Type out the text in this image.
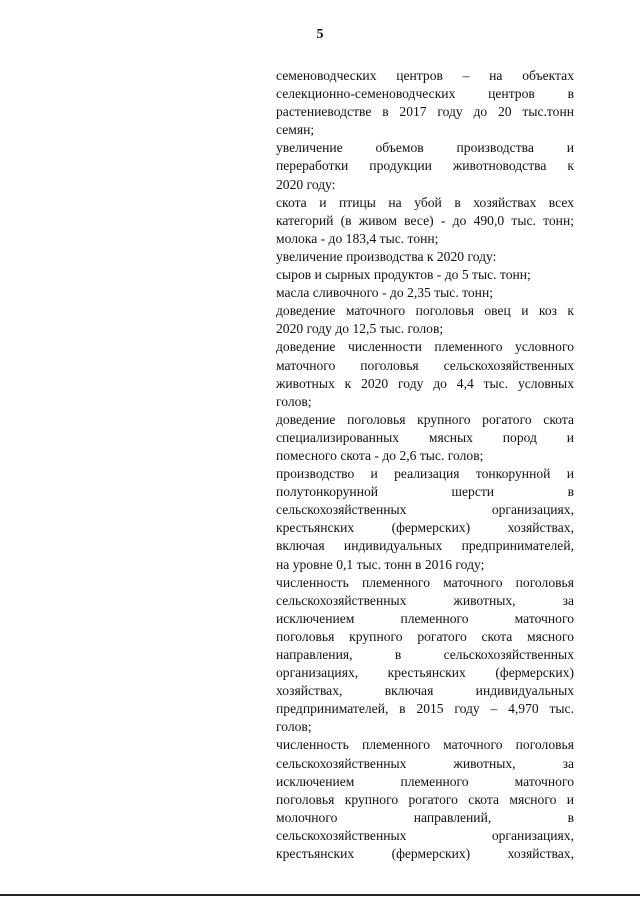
5
семеноводческих центров – на объектах
селекционно-семеноводческих центров в
растениеводстве в 2017 году до 20 тыс.тонн
семян;
увеличение объемов производства и
переработки продукции животноводства к
2020 году:
скота и птицы на убой в хозяйствах всех
категорий (в живом весе) - до 490,0 тыс. тонн;
молока - до 183,4 тыс. тонн;
увеличение производства к 2020 году:
сыров и сырных продуктов - до 5 тыс. тонн;
масла сливочного - до 2,35 тыс. тонн;
доведение маточного поголовья овец и коз к
2020 году до 12,5 тыс. голов;
доведение численности племенного условного
маточного поголовья сельскохозяйственных
животных к 2020 году до 4,4 тыс. условных
голов;
доведение поголовья крупного рогатого скота
специализированных мясных пород и
помесного скота - до 2,6 тыс. голов;
производство и реализация тонкорунной и
полутонкорунной шерсти в
сельскохозяйственных организациях,
крестьянских (фермерских) хозяйствах,
включая индивидуальных предпринимателей,
на уровне 0,1 тыс. тонн в 2016 году;
численность племенного маточного поголовья
сельскохозяйственных животных, за
исключением племенного маточного
поголовья крупного рогатого скота мясного
направления, в сельскохозяйственных
организациях, крестьянских (фермерских)
хозяйствах, включая индивидуальных
предпринимателей, в 2015 году – 4,970 тыс.
голов;
численность племенного маточного поголовья
сельскохозяйственных животных, за
исключением племенного маточного
поголовья крупного рогатого скота мясного и
молочного направлений, в
сельскохозяйственных организациях,
крестьянских (фермерских) хозяйствах,
